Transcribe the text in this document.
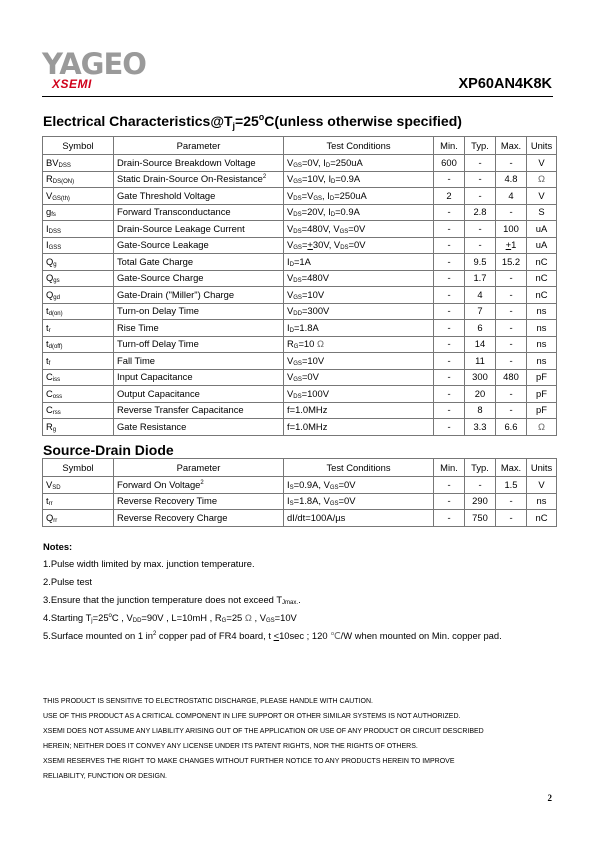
YAGEO
XSEMI	XP60AN4K8K
Electrical $Characteristics@T_j=25^oC(unless$ otherwise specified)
Symbol	Parameter	Test Conditions	Min.	Typ.	Max.	Units
$BV_{DSS}$	Drain-Source Breakdown Voltage	$V_{GS}=0V$, $I_D=250uA$	600	-	-	V
$R_{DS(ON)}$	Static Drain-Source On-Resistance$^2$	$V_{GS}=10V$, $I_D=0.9A$	-	-	4.8	Ω
$V_{GS(th)}$	Gate Threshold Voltage	$V_{DS}=V_{GS}$, $I_D=250uA$	2	-	4	V
$g_{fs}$	Forward Transconductance	$V_{DS}=20V$, $I_D=0.9A$	-	2.8	-	S
$I_{DSS}$	Drain-Source Leakage Current	$V_{DS}=480V$, $V_{GS}=0V$	-	-	100	uA
$I_{GSS}$	Gate-Source Leakage	$V_{GS}=+30V$, $V_{DS}=0V$	-	-	+1	uA
$Q_g$	Total Gate Charge	$I_D=1A$	-	9.5	15.2	nC
$Q_{gs}$	Gate-Source Charge	$V_{DS}=480V$	-	1.7	-	nC
$Q_{gd}$	Gate-Drain ("Miller") Charge	$V_{GS}=10V$	-	4	-	nC
$t_{d(on)}$	Turn-on Delay Time	$V_{DD}=300V$	-	7	-	ns
$t_r$	Rise Time	$I_D=1.8A$	-	6	-	ns
$t_{d(off)}$	Turn-off Delay Time	$R_G=10$ Ω	-	14	-	ns
$t_f$	Fall Time	$V_{GS}=10V$	-	11	-	ns
$C_{iss}$	Input Capacitance	$V_{GS}=0V$	-	300	480	pF
$C_{oss}$	Output Capacitance	$V_{DS}=100V$	-	20	-	pF
$C_{rss}$	Reverse Transfer Capacitance	f=1.0MHz	-	8	-	pF
$R_g$	Gate Resistance	f=1.0MHz	-	3.3	6.6	Ω
Source-Drain Diode
Symbol	Parameter	Test Conditions	Min.	Typ.	Max.	Units
$V_{SD}$	Forward On Voltage$^2$	$I_S=0.9A$, $V_{GS}=0V$	-	-	1.5	V
$t_{rr}$	Reverse Recovery Time	$I_S=1.8A$, $V_{GS}=0V$	-	290	-	ns
$Q_{rr}$	Reverse Recovery Charge	dI/dt=100A/µs	-	750	-	nC
Notes:
1.Pulse width limited by max. junction temperature.
2.Pulse test
3.Ensure that the junction temperature does not exceed $T_{Jmax.}$.
4.Starting $T_j=25^oC$ , $V_{DD}=90V$ , L=10mH , $R_G=25$ Ω , $V_{GS}=10V$
5.Surface mounted on 1 $in^2$ copper pad of FR4 board, t <10sec ; 120 ℃/W when mounted on Min. copper pad.
THIS PRODUCT IS SENSITIVE TO ELECTROSTATIC DISCHARGE, PLEASE HANDLE WITH CAUTION.
USE OF THIS PRODUCT AS A CRITICAL COMPONENT IN LIFE SUPPORT OR OTHER SIMILAR SYSTEMS IS NOT AUTHORIZED.
XSEMI DOES NOT ASSUME ANY LIABILITY ARISING OUT OF THE APPLICATION OR USE OF ANY PRODUCT OR CIRCUIT DESCRIBED
HEREIN; NEITHER DOES IT CONVEY ANY LICENSE UNDER ITS PATENT RIGHTS, NOR THE RIGHTS OF OTHERS.
XSEMI RESERVES THE RIGHT TO MAKE CHANGES WITHOUT FURTHER NOTICE TO ANY PRODUCTS HEREIN TO IMPROVE
RELIABILITY, FUNCTION OR DESIGN.
2
